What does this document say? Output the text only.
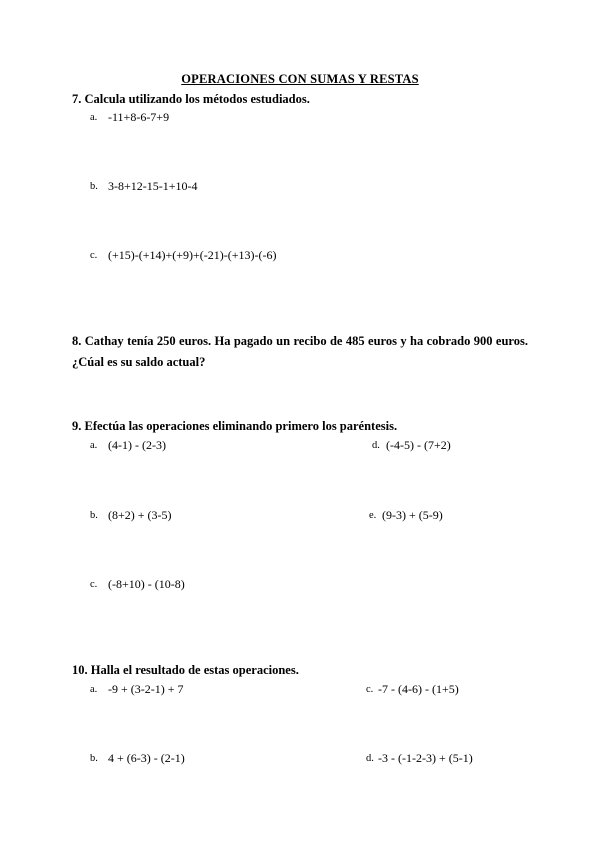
OPERACIONES CON SUMAS Y RESTAS
7. Calcula utilizando los métodos estudiados.
a. -11+8-6-7+9
b. 3-8+12-15-1+10-4
c. (+15)-(+14)+(+9)+(-21)-(+13)-(-6)
8. Cathay tenía 250 euros. Ha pagado un recibo de 485 euros y ha cobrado 900 euros. ¿Cúal es su saldo actual?
9. Efectúa las operaciones eliminando primero los paréntesis.
a. (4-1) - (2-3)	d. (-4-5) - (7+2)
b. (8+2) + (3-5)	e. (9-3) + (5-9)
c. (-8+10) - (10-8)
10. Halla el resultado de estas operaciones.
a. -9 + (3-2-1) + 7	c. -7 - (4-6) - (1+5)
b. 4 + (6-3) - (2-1)	d. -3 - (-1-2-3) + (5-1)
